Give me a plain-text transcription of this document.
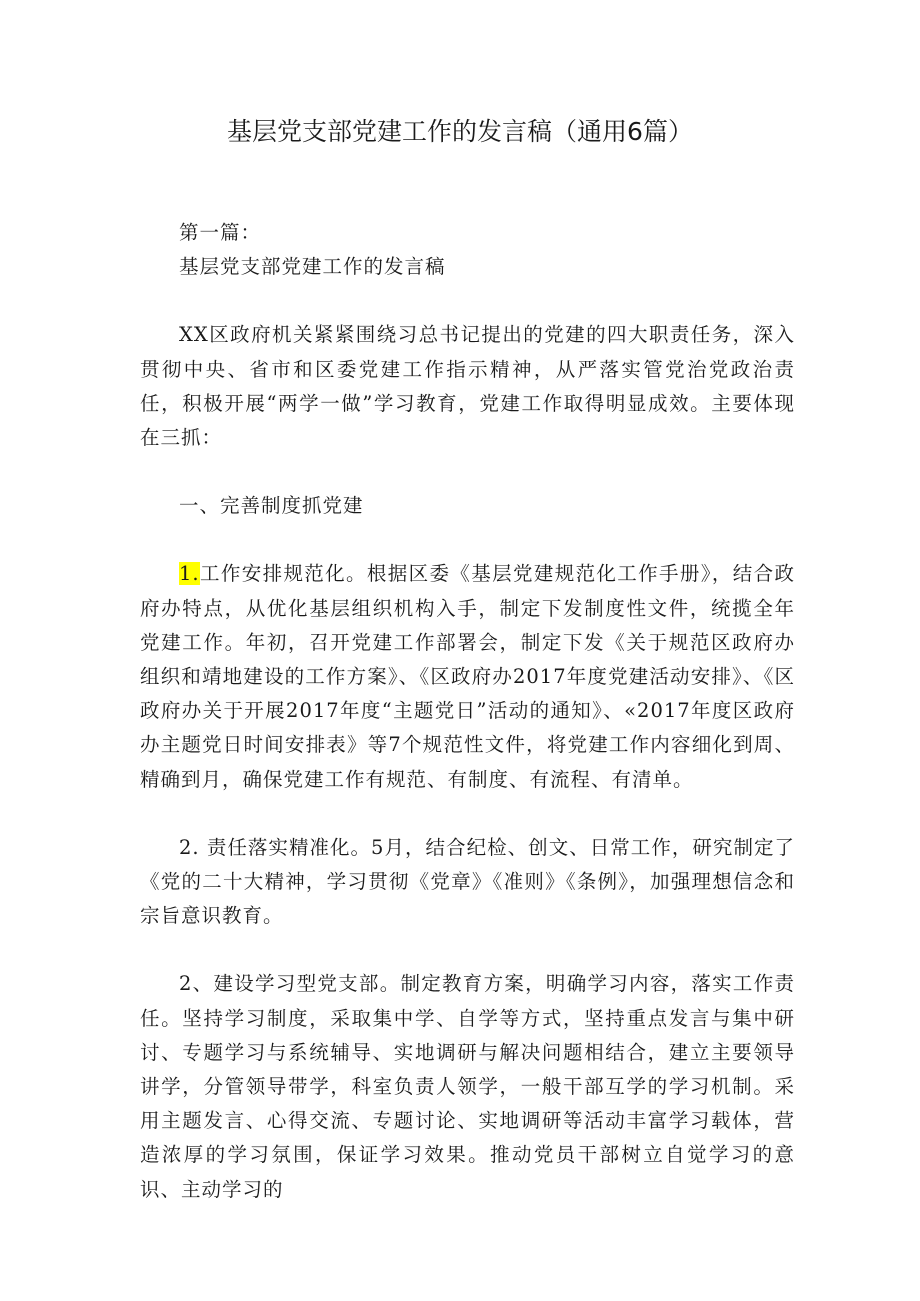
基层党支部党建工作的发言稿（通用6篇）

第一篇：

基层党支部党建工作的发言稿

XX区政府机关紧紧围绕习总书记提出的党建的四大职责任务，深入贯彻中央、省市和区委党建工作指示精神，从严落实管党治党政治责任，积极开展“两学一做”学习教育，党建工作取得明显成效。主要体现在三抓：

一、完善制度抓党建

1.工作安排规范化。根据区委《基层党建规范化工作手册》，结合政府办特点，从优化基层组织机构入手，制定下发制度性文件，统揽全年党建工作。年初，召开党建工作部署会，制定下发《关于规范区政府办组织和靖地建设的工作方案》、《区政府办2017年度党建活动安排》、《区政府办关于开展2017年度“主题党日”活动的通知》、«2017年度区政府办主题党日时间安排表》等7个规范性文件，将党建工作内容细化到周、精确到月，确保党建工作有规范、有制度、有流程、有清单。

2. 责任落实精准化。5月，结合纪检、创文、日常工作，研究制定了《党的二十大精神，学习贯彻《党章》《准则》《条例》，加强理想信念和宗旨意识教育。

2、建设学习型党支部。制定教育方案，明确学习内容，落实工作责任。坚持学习制度，采取集中学、自学等方式，坚持重点发言与集中研讨、专题学习与系统辅导、实地调研与解决问题相结合，建立主要领导讲学，分管领导带学，科室负责人领学，一般干部互学的学习机制。采用主题发言、心得交流、专题讨论、实地调研等活动丰富学习载体，营造浓厚的学习氛围，保证学习效果。推动党员干部树立自觉学习的意识、主动学习的
